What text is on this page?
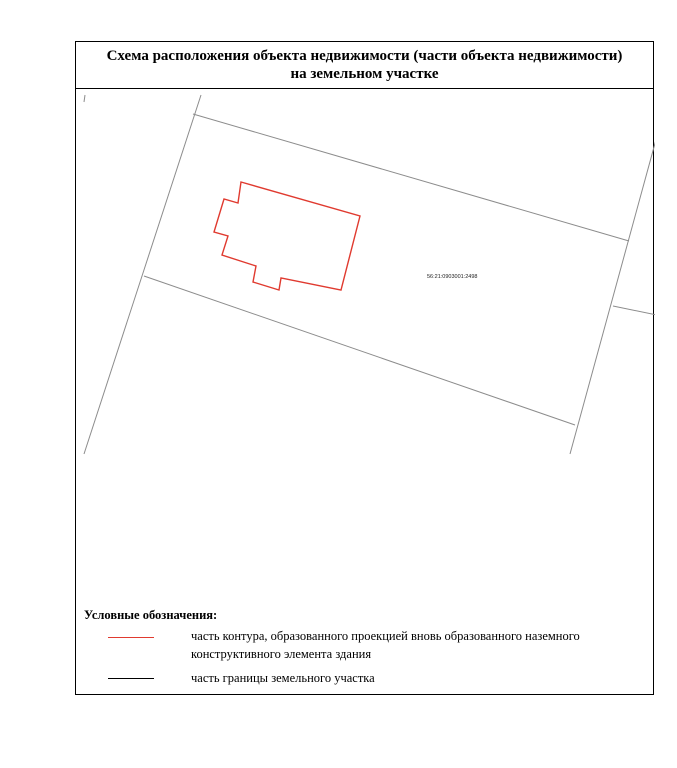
Схема расположения объекта недвижимости (части объекта недвижимости)
на земельном участке
56:21:0903001:2498
Условные обозначения:
часть контура, образованного проекцией вновь образованного наземного
конструктивного элемента здания
часть границы земельного участка
